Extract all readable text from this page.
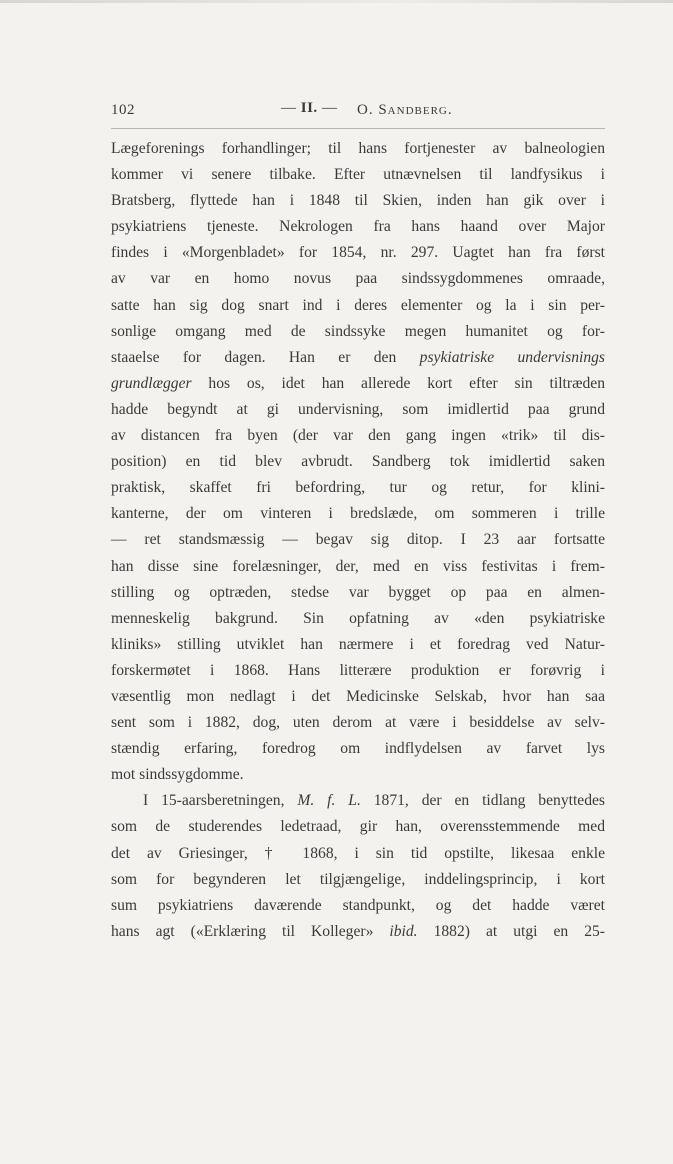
102	— II. — O. Sandberg.
Lægeforenings forhandlinger; til hans fortjenester av balneologien
kommer vi senere tilbake. Efter utnævnelsen til landfysikus i
Bratsberg, flyttede han i 1848 til Skien, inden han gik over i
psykiatriens tjeneste. Nekrologen fra hans haand over Major
findes i «Morgenbladet» for 1854, nr. 297. Uagtet han fra først
av var en homo novus paa sindssygdommenes omraade,
satte han sig dog snart ind i deres elementer og la i sin per-
sonlige omgang med de sindssyke megen humanitet og for-
staaelse for dagen. Han er den psykiatriske undervisnings
grundlægger hos os, idet han allerede kort efter sin tiltræden
hadde begyndt at gi undervisning, som imidlertid paa grund
av distancen fra byen (der var den gang ingen «trik» til dis-
position) en tid blev avbrudt. Sandberg tok imidlertid saken
praktisk, skaffet fri befordring, tur og retur, for klini-
kanterne, der om vinteren i bredslæde, om sommeren i trille
— ret standsmæssig — begav sig ditop. I 23 aar fortsatte
han disse sine forelæsninger, der, med en viss festivitas i frem-
stilling og optræden, stedse var bygget op paa en almen-
menneskelig bakgrund. Sin opfatning av «den psykiatriske
kliniks» stilling utviklet han nærmere i et foredrag ved Natur-
forskermøtet i 1868. Hans litterære produktion er forøvrig i
væsentlig mon nedlagt i det Medicinske Selskab, hvor han saa
sent som i 1882, dog, uten derom at være i besiddelse av selv-
stændig erfaring, foredrog om indflydelsen av farvet lys
mot sindssygdomme.
I 15-aarsberetningen, M. f. L. 1871, der en tidlang benyttedes
som de studerendes ledetraad, gir han, overensstemmende med
det av Griesinger, † 1868, i sin tid opstilte, likesaa enkle
som for begynderen let tilgjængelige, inddelingsprincip, i kort
sum psykiatriens daværende standpunkt, og det hadde været
hans agt («Erklæring til Kolleger» ibid. 1882) at utgi en 25-
